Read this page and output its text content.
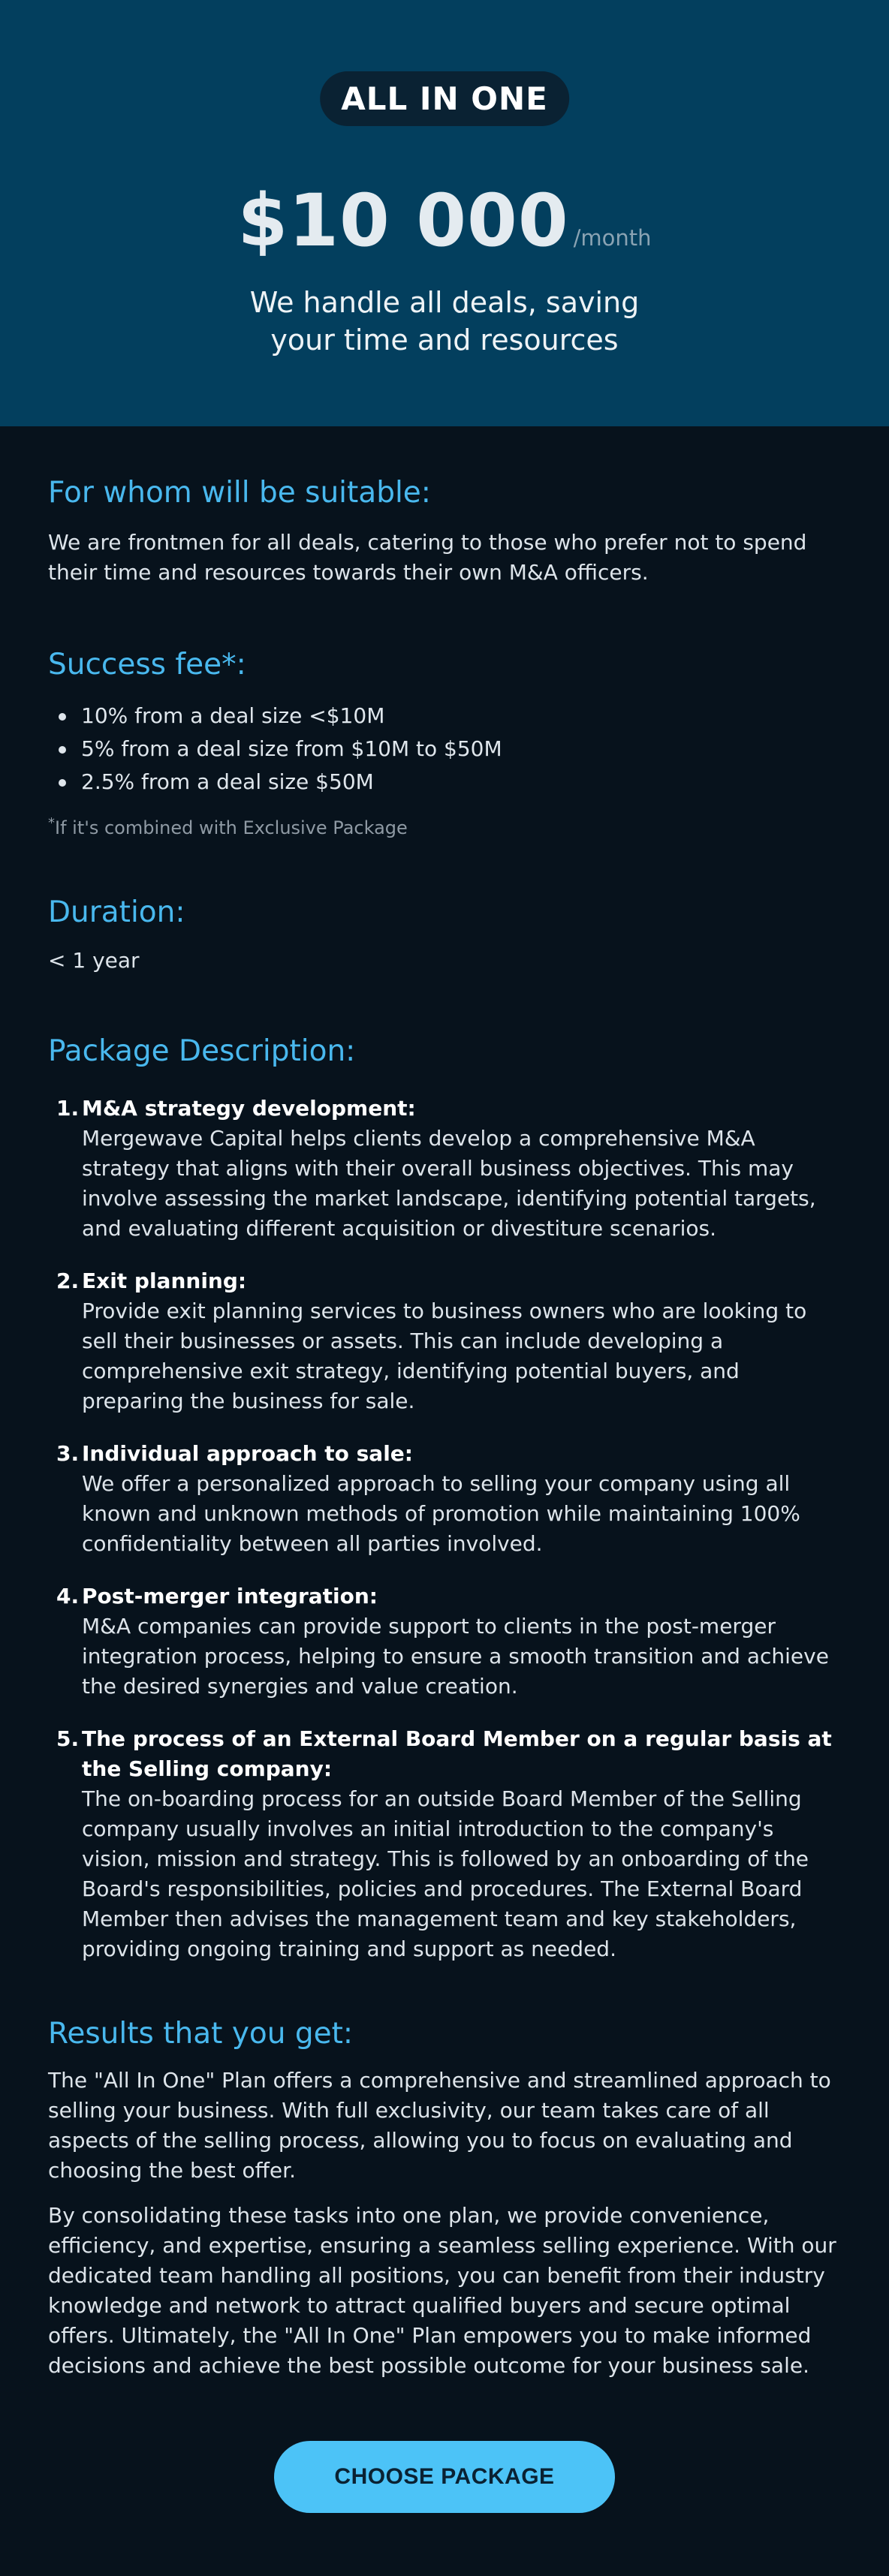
ALL IN ONE
$10 000 /month
We handle all deals, saving
your time and resources
For whom will be suitable:

We are frontmen for all deals, catering to those who prefer not to spend their time and resources towards their own M&A officers.

Success fee*:
10% from a deal size <$10M
5% from a deal size from $10M to $50M
2.5% from a deal size $50M
*If it's combined with Exclusive Package
Duration:

< 1 year

Package Description:
1. M&A strategy development:
Mergewave Capital helps clients develop a comprehensive M&A strategy that aligns with their overall business objectives. This may involve assessing the market landscape, identifying potential targets, and evaluating different acquisition or divestiture scenarios.
2. Exit planning:
Provide exit planning services to business owners who are looking to sell their businesses or assets. This can include developing a comprehensive exit strategy, identifying potential buyers, and preparing the business for sale.
3. Individual approach to sale:
We offer a personalized approach to selling your company using all known and unknown methods of promotion while maintaining 100% confidentiality between all parties involved.
4. Post-merger integration:
M&A companies can provide support to clients in the post-merger integration process, helping to ensure a smooth transition and achieve the desired synergies and value creation.
5. The process of an External Board Member on a regular basis at the Selling company:
The on-boarding process for an outside Board Member of the Selling company usually involves an initial introduction to the company's vision, mission and strategy. This is followed by an onboarding of the Board's responsibilities, policies and procedures. The External Board Member then advises the management team and key stakeholders, providing ongoing training and support as needed.
Results that you get:

The "All In One" Plan offers a comprehensive and streamlined approach to selling your business. With full exclusivity, our team takes care of all aspects of the selling process, allowing you to focus on evaluating and choosing the best offer.

By consolidating these tasks into one plan, we provide convenience, efficiency, and expertise, ensuring a seamless selling experience. With our dedicated team handling all positions, you can benefit from their industry knowledge and network to attract qualified buyers and secure optimal offers. Ultimately, the "All In One" Plan empowers you to make informed decisions and achieve the best possible outcome for your business sale.

CHOOSE PACKAGE
